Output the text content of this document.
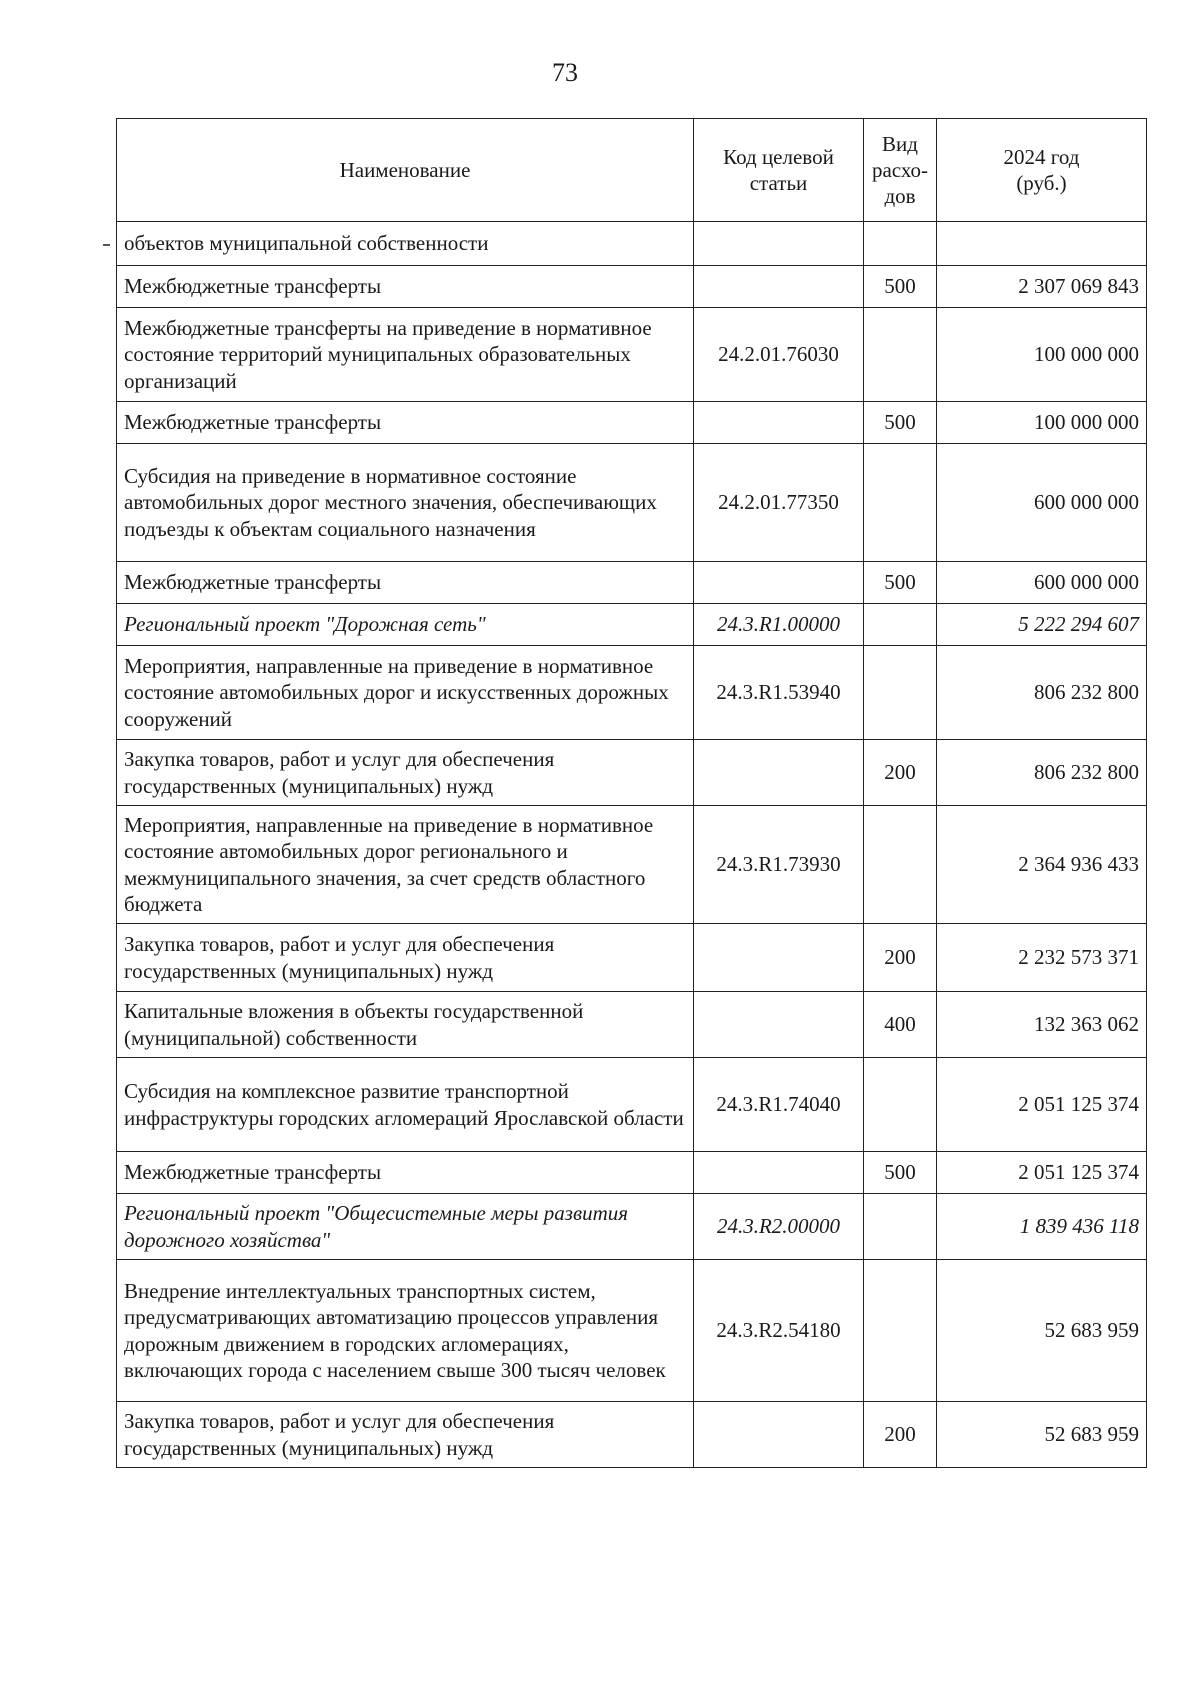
73
Наименование	Код целевой статьи	Вид расхо-дов	2024 год (руб.)
объектов муниципальной собственности			
Межбюджетные трансферты		500	2 307 069 843
Межбюджетные трансферты на приведение в нормативное состояние территорий муниципальных образовательных организаций	24.2.01.76030		100 000 000
Межбюджетные трансферты		500	100 000 000
Субсидия на приведение в нормативное состояние автомобильных дорог местного значения, обеспечивающих подъезды к объектам социального назначения	24.2.01.77350		600 000 000
Межбюджетные трансферты		500	600 000 000
Региональный проект "Дорожная сеть"	24.3.R1.00000		5 222 294 607
Мероприятия, направленные на приведение в нормативное состояние автомобильных дорог и искусственных дорожных сооружений	24.3.R1.53940		806 232 800
Закупка товаров, работ и услуг для обеспечения государственных (муниципальных) нужд		200	806 232 800
Мероприятия, направленные на приведение в нормативное состояние автомобильных дорог регионального и межмуниципального значения, за счет средств областного бюджета	24.3.R1.73930		2 364 936 433
Закупка товаров, работ и услуг для обеспечения государственных (муниципальных) нужд		200	2 232 573 371
Капитальные вложения в объекты государственной (муниципальной) собственности		400	132 363 062
Субсидия на комплексное развитие транспортной инфраструктуры городских агломераций Ярославской области	24.3.R1.74040		2 051 125 374
Межбюджетные трансферты		500	2 051 125 374
Региональный проект "Общесистемные меры развития дорожного хозяйства"	24.3.R2.00000		1 839 436 118
Внедрение интеллектуальных транспортных систем, предусматривающих автоматизацию процессов управления дорожным движением в городских агломерациях, включающих города с населением свыше 300 тысяч человек	24.3.R2.54180		52 683 959
Закупка товаров, работ и услуг для обеспечения государственных (муниципальных) нужд		200	52 683 959
